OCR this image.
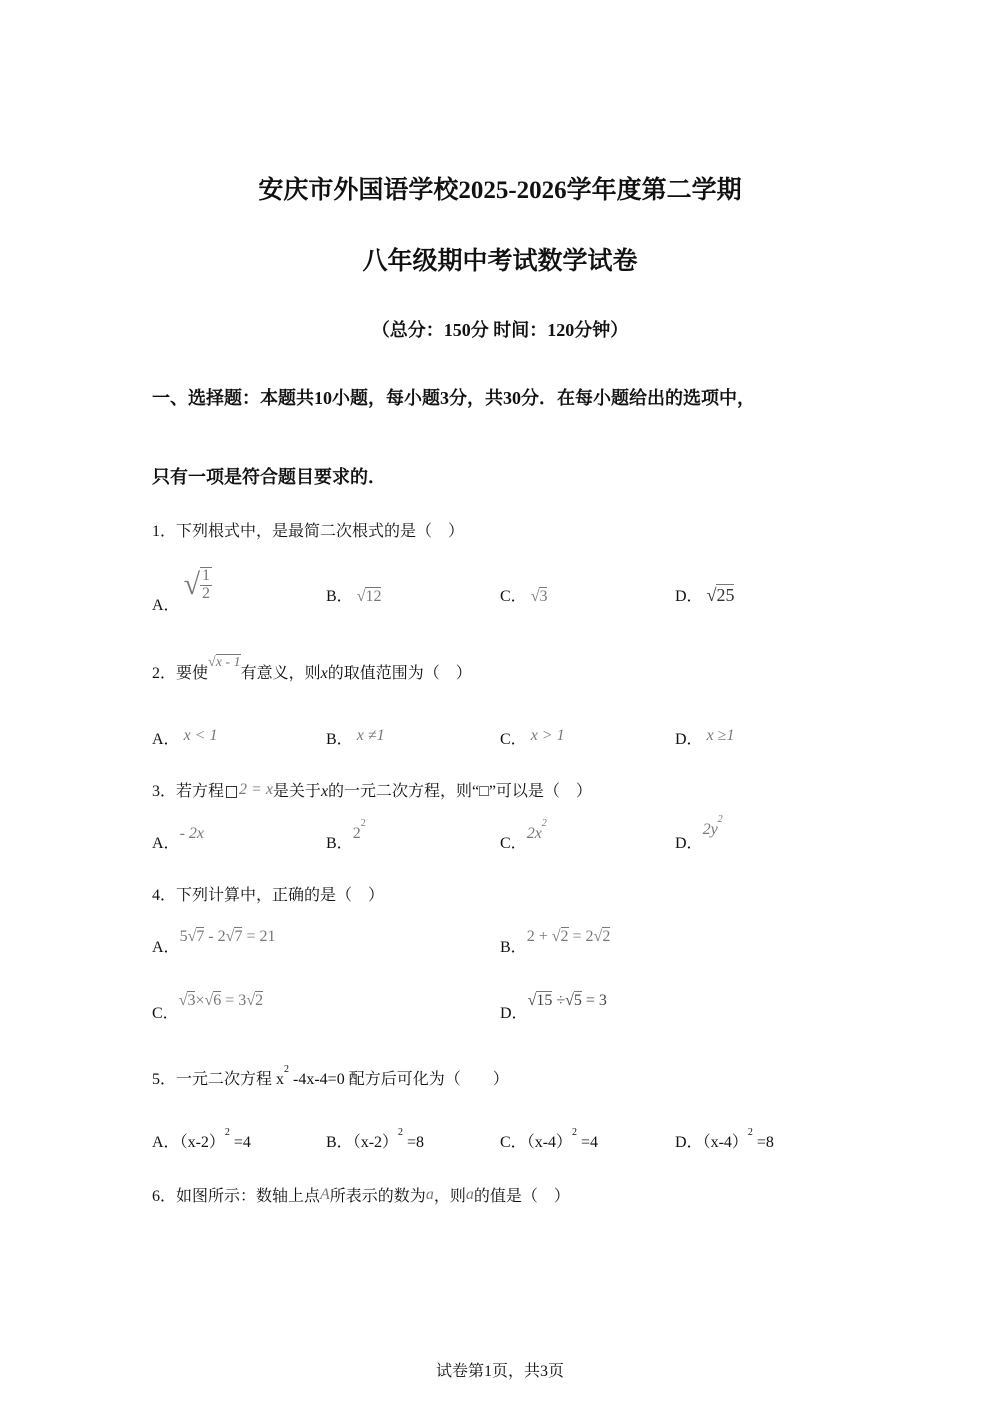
安庆市外国语学校2025-2026学年度第二学期
八年级期中考试数学试卷
（总分：150分 时间：120分钟）
一、选择题：本题共10小题，每小题3分，共30分．在每小题给出的选项中，
只有一项是符合题目要求的．
1．下列根式中，是最简二次根式的是（　）
A．
√ $\frac{1}{2}$	B． √12	C． √3	D． √25
2．要使√x - 1有意义，则x的取值范围为（　）
A． x < 1	B． x ≠1	C． x > 1	D． x ≥1
3．若方程 2 = x是关于x的一元二次方程，则“□”可以是（　）
A．- 2x
B．$2^2$
C．$2x^2$
D．$2y^2$
4．下列计算中，正确的是（　）
A．5√7 - 2√7 = 21
B．2 + √2 = 2√2
C．√3×√6 = 3√2
D．√15 ÷√5 = 3
5．一元二次方程 $x^2$ -4x-4=0 配方后可化为（　　）
A．$(x-2)^2 =4$	B．$(x-2)^2 =8$	C．$(x-4)^2 =4$	D．$(x-4)^2 =8$
6．如图所示：数轴上点A所表示的数为a，则a的值是（　）
试卷第1页，共3页
